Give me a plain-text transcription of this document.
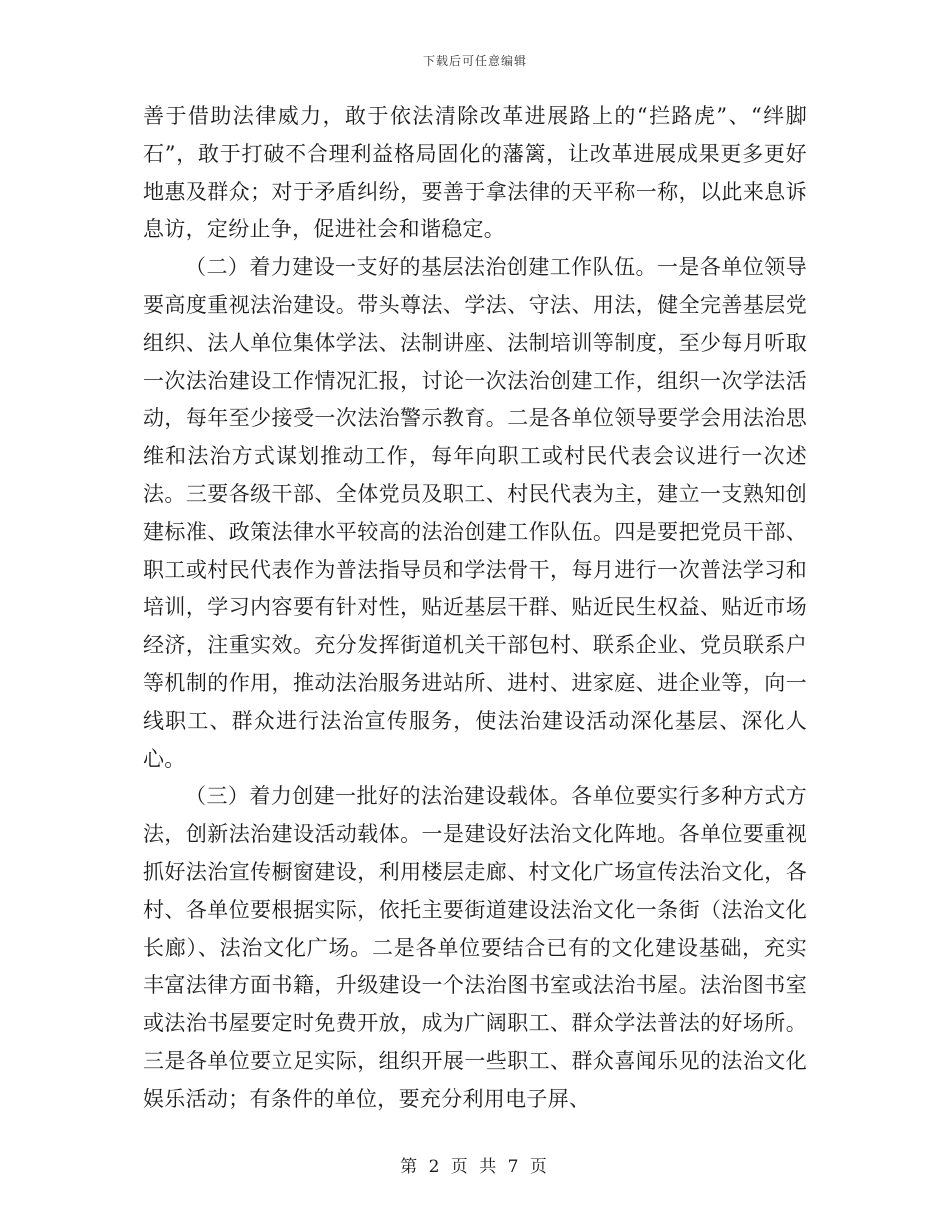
下载后可任意编辑

善于借助法律威力，敢于依法清除改革进展路上的“拦路虎”、“绊脚石”，敢于打破不合理利益格局固化的藩篱，让改革进展成果更多更好地惠及群众；对于矛盾纠纷，要善于拿法律的天平称一称，以此来息诉息访，定纷止争，促进社会和谐稳定。

（二）着力建设一支好的基层法治创建工作队伍。一是各单位领导要高度重视法治建设。带头尊法、学法、守法、用法，健全完善基层党组织、法人单位集体学法、法制讲座、法制培训等制度，至少每月听取一次法治建设工作情况汇报，讨论一次法治创建工作，组织一次学法活动，每年至少接受一次法治警示教育。二是各单位领导要学会用法治思维和法治方式谋划推动工作，每年向职工或村民代表会议进行一次述法。三要各级干部、全体党员及职工、村民代表为主，建立一支熟知创建标准、政策法律水平较高的法治创建工作队伍。四是要把党员干部、职工或村民代表作为普法指导员和学法骨干，每月进行一次普法学习和培训，学习内容要有针对性，贴近基层干群、贴近民生权益、贴近市场经济，注重实效。充分发挥街道机关干部包村、联系企业、党员联系户等机制的作用，推动法治服务进站所、进村、进家庭、进企业等，向一线职工、群众进行法治宣传服务，使法治建设活动深化基层、深化人心。

（三）着力创建一批好的法治建设载体。各单位要实行多种方式方法，创新法治建设活动载体。一是建设好法治文化阵地。各单位要重视抓好法治宣传橱窗建设，利用楼层走廊、村文化广场宣传法治文化，各村、各单位要根据实际，依托主要街道建设法治文化一条街（法治文化长廊）、法治文化广场。二是各单位要结合已有的文化建设基础，充实丰富法律方面书籍，升级建设一个法治图书室或法治书屋。法治图书室或法治书屋要定时免费开放，成为广阔职工、群众学法普法的好场所。三是各单位要立足实际，组织开展一些职工、群众喜闻乐见的法治文化娱乐活动；有条件的单位，要充分利用电子屏、

第 2 页 共 7 页
